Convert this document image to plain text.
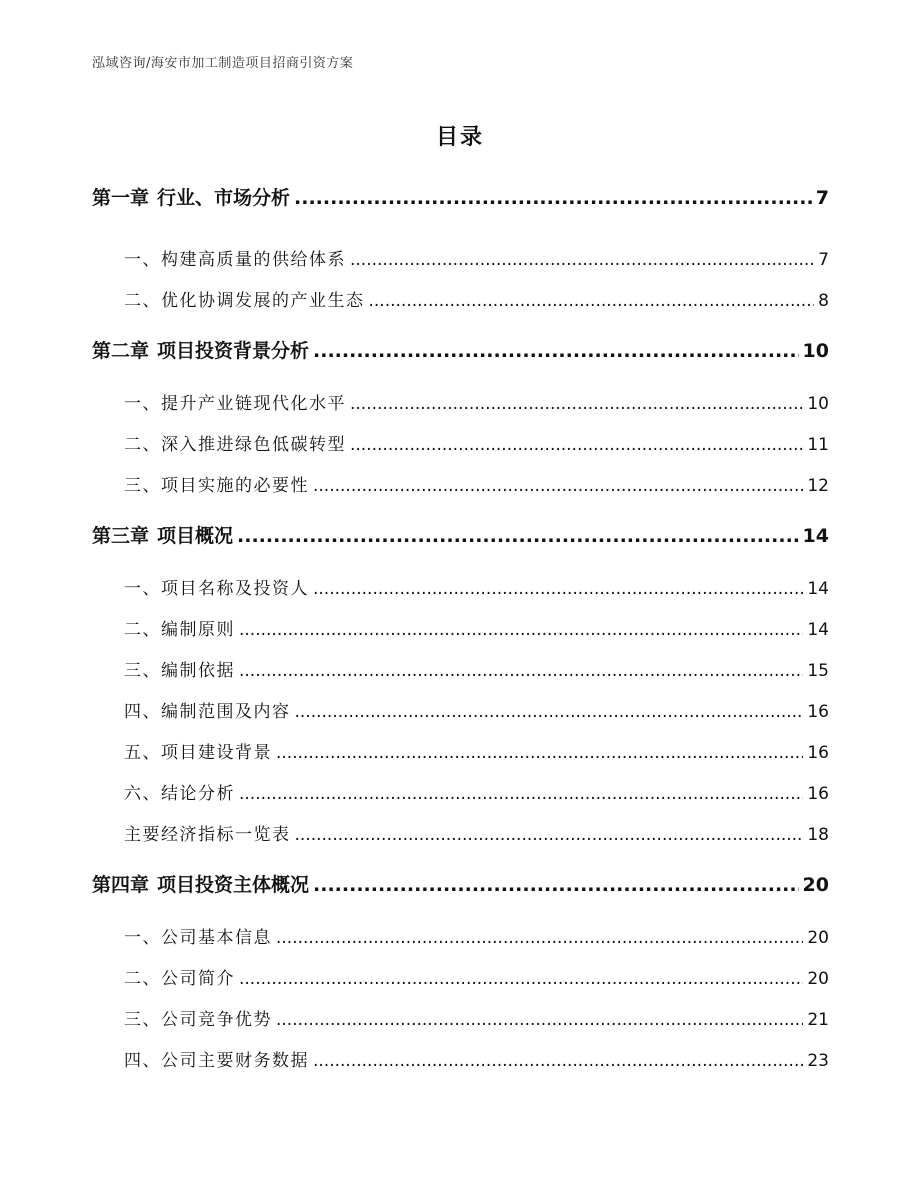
泓域咨询/海安市加工制造项目招商引资方案
目录
第一章 行业、市场分析 .....	7
一、 构建高质量的供给体系 .....	7
二、 优化协调发展的产业生态 .....	8
第二章 项目投资背景分析 .....	10
一、 提升产业链现代化水平 .....	10
二、 深入推进绿色低碳转型 .....	11
三、 项目实施的必要性 .....	12
第三章 项目概况 .....	14
一、 项目名称及投资人 .....	14
二、 编制原则 .....	14
三、 编制依据 .....	15
四、 编制范围及内容 .....	16
五、 项目建设背景 .....	16
六、 结论分析 .....	16
主要经济指标一览表 .....	18
第四章 项目投资主体概况 .....	20
一、 公司基本信息 .....	20
二、 公司简介 .....	20
三、 公司竞争优势 .....	21
四、 公司主要财务数据 .....	23
